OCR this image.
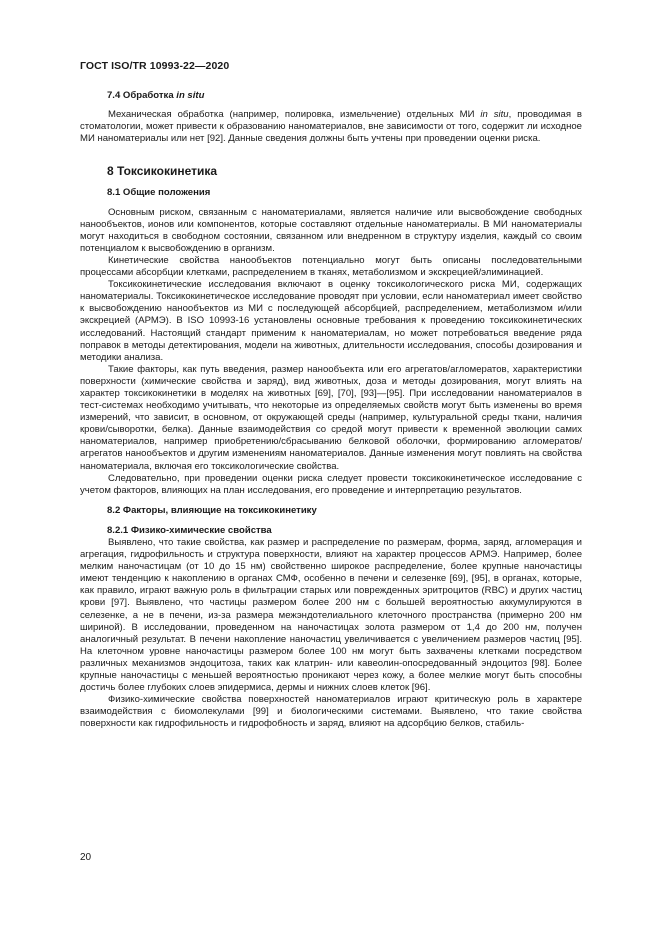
ГОСТ ISO/TR 10993-22—2020
7.4 Обработка in situ

Механическая обработка (например, полировка, измельчение) отдельных МИ in situ, проводимая в стоматологии, может привести к образованию наноматериалов, вне зависимости от того, содержит ли исходное МИ наноматериалы или нет [92]. Данные сведения должны быть учтены при проведении оценки риска.

8 Токсикокинетика
8.1 Общие положения

Основным риском, связанным с наноматериалами, является наличие или высвобождение свободных нанообъектов, ионов или компонентов, которые составляют отдельные наноматериалы. В МИ наноматериалы могут находиться в свободном состоянии, связанном или внедренном в структуру изделия, каждый со своим потенциалом к высвобождению в организм.

Кинетические свойства нанообъектов потенциально могут быть описаны последовательными процессами абсорбции клетками, распределением в тканях, метаболизмом и экскрецией/элиминацией.

Токсикокинетические исследования включают в оценку токсикологического риска МИ, содержащих наноматериалы. Токсикокинетическое исследование проводят при условии, если наноматериал имеет свойство к высвобождению нанообъектов из МИ с последующей абсорбцией, распределением, метаболизмом и/или экскрецией (АРМЭ). В ISO 10993-16 установлены основные требования к проведению токсикокинетических исследований. Настоящий стандарт применим к наноматериалам, но может потребоваться введение ряда поправок в методы детектирования, модели на животных, длительности исследования, способы дозирования и методики анализа.

Такие факторы, как путь введения, размер нанообъекта или его агрегатов/агломератов, характеристики поверхности (химические свойства и заряд), вид животных, доза и методы дозирования, могут влиять на характер токсикокинетики в моделях на животных [69], [70], [93]—[95]. При исследовании наноматериалов в тест-системах необходимо учитывать, что некоторые из определяемых свойств могут быть изменены во время измерений, что зависит, в основном, от окружающей среды (например, культуральной среды ткани, наличия крови/сыворотки, белка). Данные взаимодействия со средой могут привести к временной эволюции самих наноматериалов, например приобретению/сбрасыванию белковой оболочки, формированию агломератов/агрегатов нанообъектов и другим изменениям наноматериалов. Данные изменения могут повлиять на свойства наноматериала, включая его токсикологические свойства.

Следовательно, при проведении оценки риска следует провести токсикокинетическое исследование с учетом факторов, влияющих на план исследования, его проведение и интерпретацию результатов.

8.2 Факторы, влияющие на токсикокинетику
8.2.1 Физико-химические свойства

Выявлено, что такие свойства, как размер и распределение по размерам, форма, заряд, агломерация и агрегация, гидрофильность и структура поверхности, влияют на характер процессов АРМЭ. Например, более мелким наночастицам (от 10 до 15 нм) свойственно широкое распределение, более крупные наночастицы имеют тенденцию к накоплению в органах СМФ, особенно в печени и селезенке [69], [95], в органах, которые, как правило, играют важную роль в фильтрации старых или поврежденных эритроцитов (RBC) и других частиц крови [97]. Выявлено, что частицы размером более 200 нм с большей вероятностью аккумулируются в селезенке, а не в печени, из-за размера межэндотелиального клеточного пространства (примерно 200 нм шириной). В исследовании, проведенном на наночастицах золота размером от 1,4 до 200 нм, получен аналогичный результат. В печени накопление наночастиц увеличивается с увеличением размеров частиц [95]. На клеточном уровне наночастицы размером более 100 нм могут быть захвачены клетками посредством различных механизмов эндоцитоза, таких как клатрин- или кавеолин-опосредованный эндоцитоз [98]. Более крупные наночастицы с меньшей вероятностью проникают через кожу, а более мелкие могут быть способны достичь более глубоких слоев эпидермиса, дермы и нижних слоев клеток [96].

Физико-химические свойства поверхностей наноматериалов играют критическую роль в характере взаимодействия с биомолекулами [99] и биологическими системами. Выявлено, что такие свойства поверхности как гидрофильность и гидрофобность и заряд, влияют на адсорбцию белков, стабиль-

20
